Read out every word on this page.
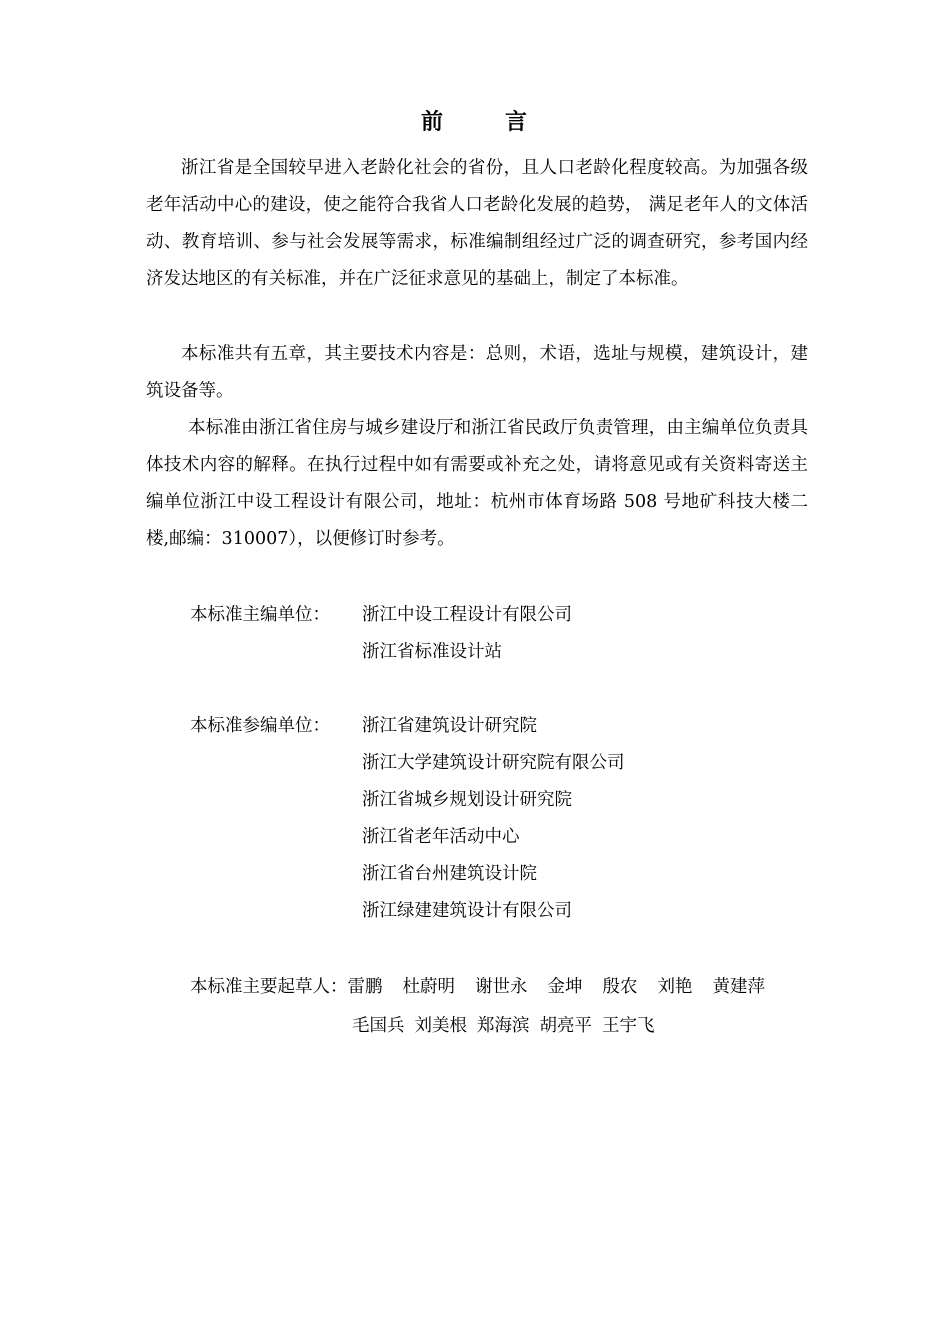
前	言

浙江省是全国较早进入老龄化社会的省份，且人口老龄化程度较高。为加强各级老年活动中心的建设，使之能符合我省人口老龄化发展的趋势， 满足老年人的文体活动、教育培训、参与社会发展等需求，标准编制组经过广泛的调查研究，参考国内经济发达地区的有关标准，并在广泛征求意见的基础上，制定了本标准。

本标准共有五章，其主要技术内容是：总则，术语，选址与规模，建筑设计，建筑设备等。

本标准由浙江省住房与城乡建设厅和浙江省民政厅负责管理，由主编单位负责具体技术内容的解释。在执行过程中如有需要或补充之处，请将意见或有关资料寄送主编单位浙江中设工程设计有限公司，地址：杭州市体育场路 508 号地矿科技大楼二楼,邮编：310007），以便修订时参考。

本标准主编单位： 浙江中设工程设计有限公司
浙江省标准设计站
本标准参编单位： 浙江省建筑设计研究院
浙江大学建筑设计研究院有限公司
浙江省城乡规划设计研究院
浙江省老年活动中心
浙江省台州建筑设计院
浙江绿建建筑设计有限公司
本标准主要起草人：雷鹏 杜蔚明 谢世永 金坤 殷农 刘艳 黄建萍
毛国兵 刘美根 郑海滨 胡亮平 王宇飞
